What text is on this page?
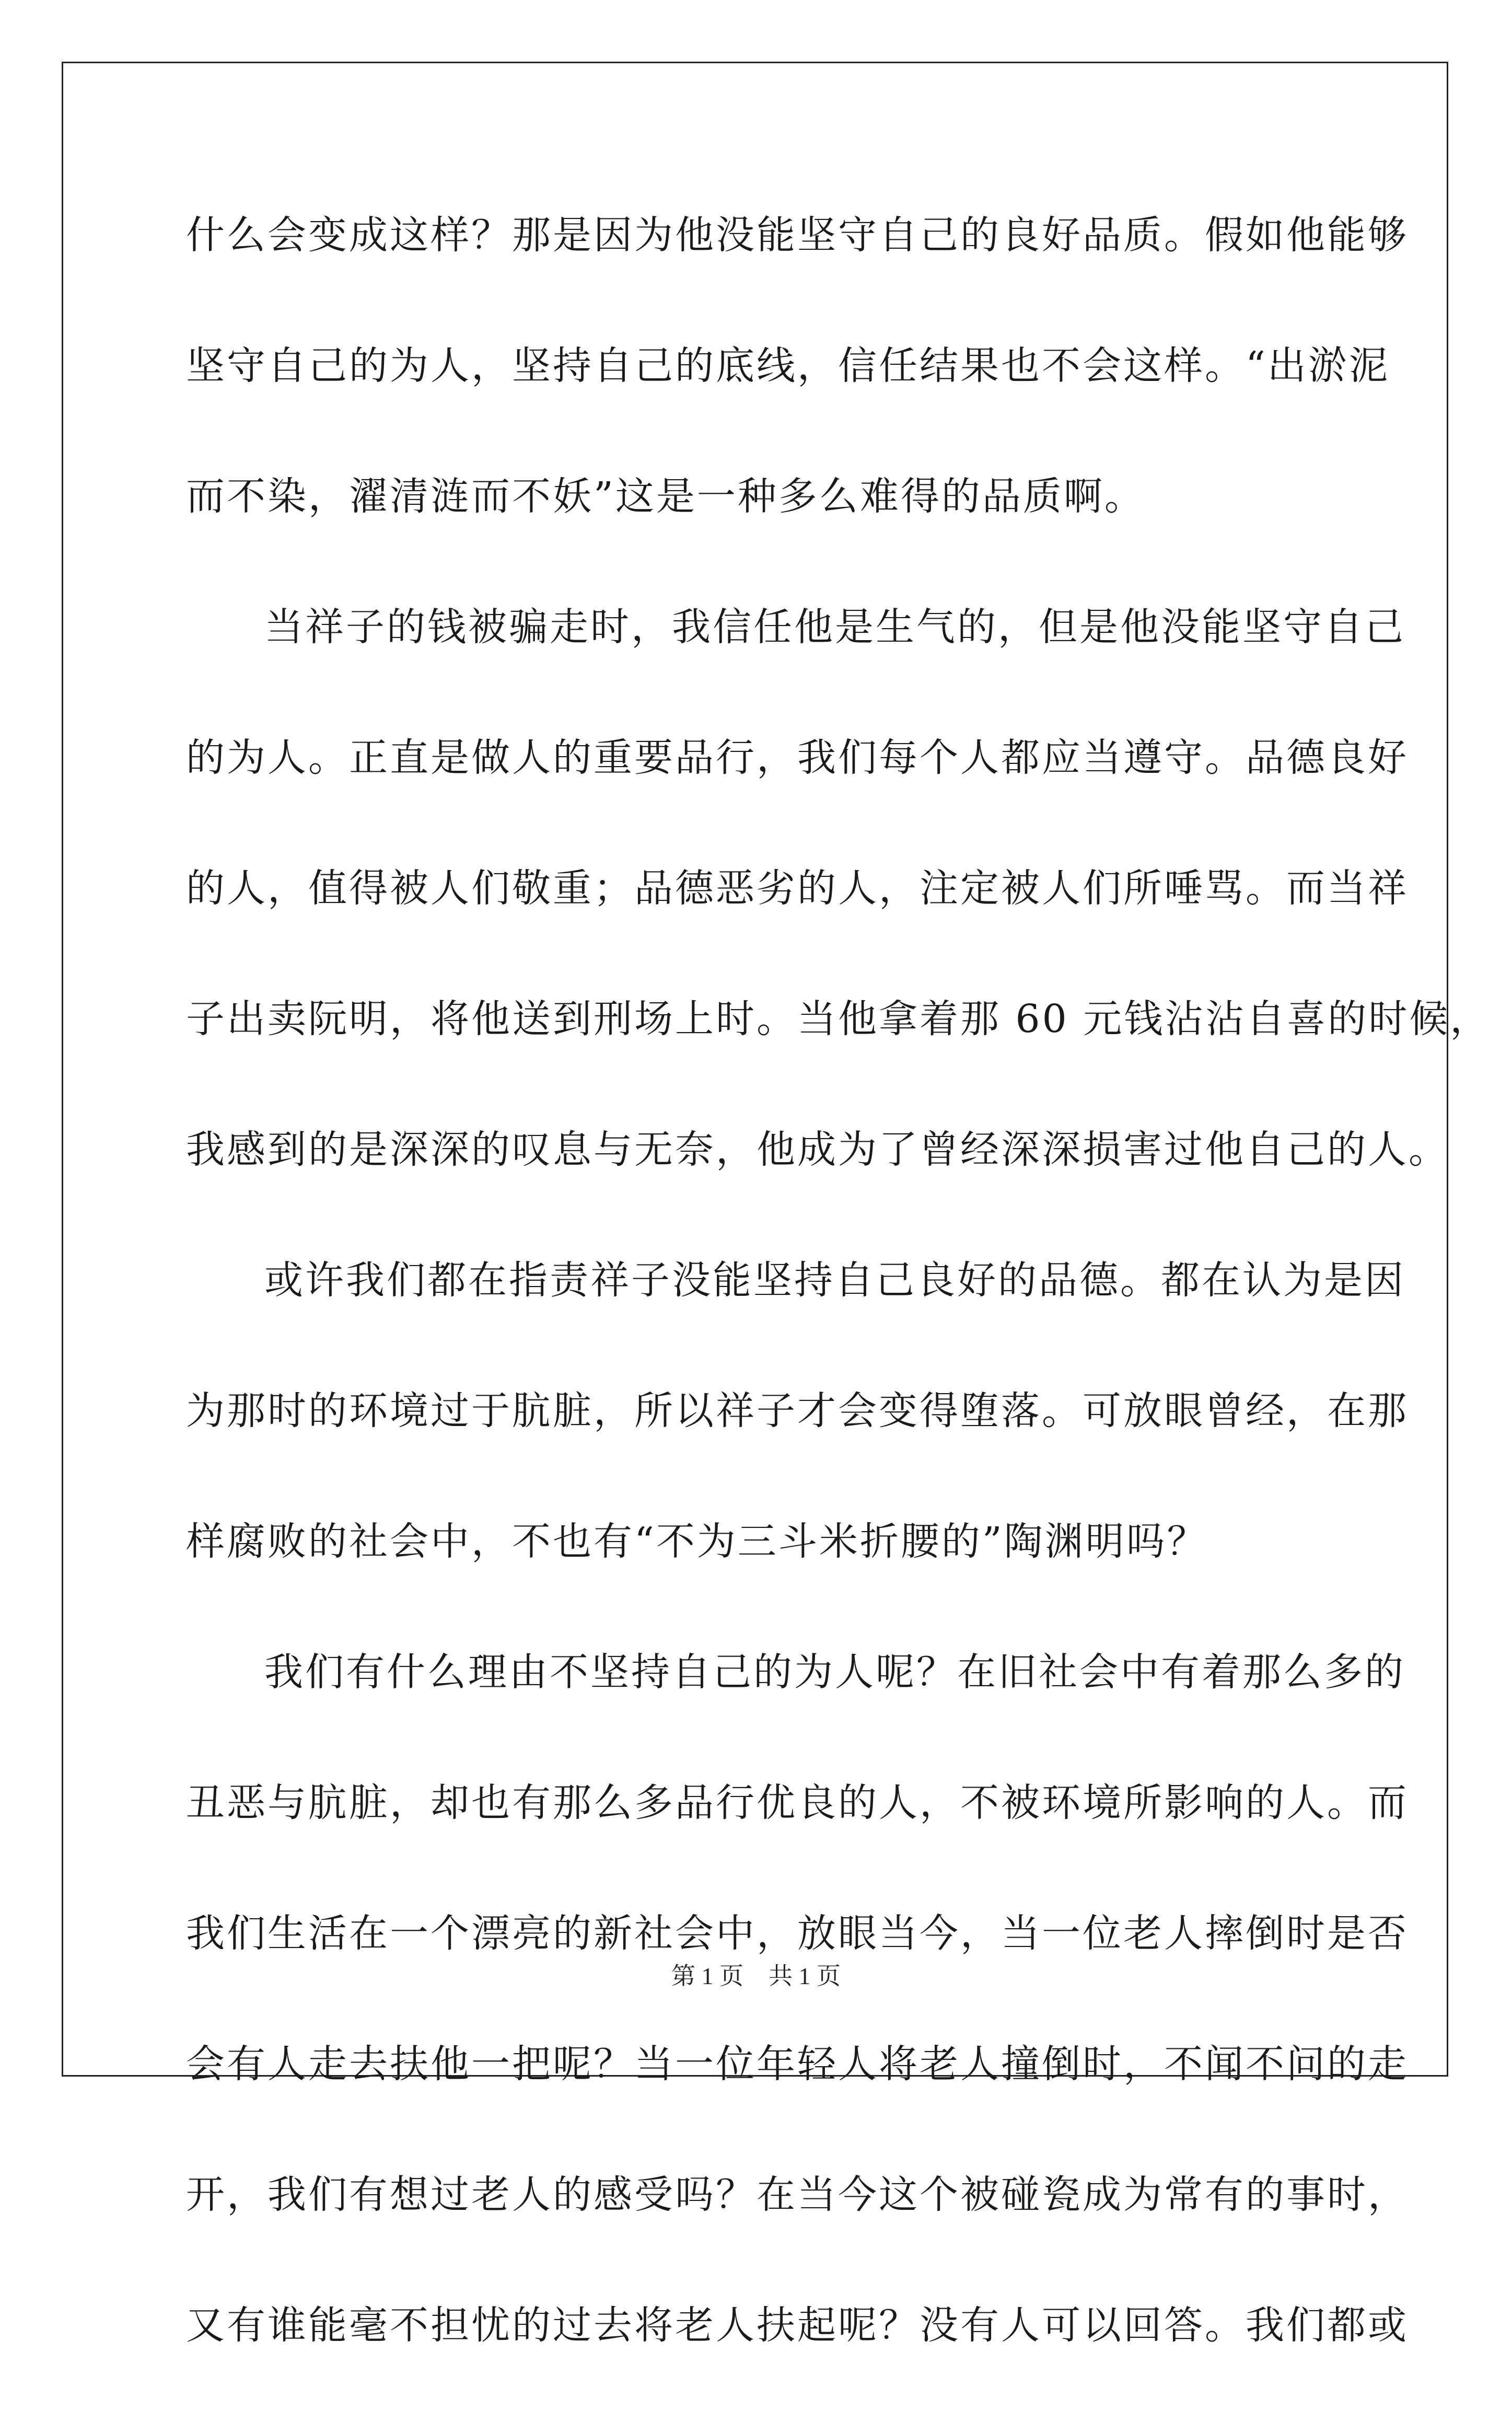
什么会变成这样？那是因为他没能坚守自己的良好品质。假如他能够
坚守自己的为人，坚持自己的底线，信任结果也不会这样。“出淤泥
而不染，濯清涟而不妖”这是一种多么难得的品质啊。
当祥子的钱被骗走时，我信任他是生气的，但是他没能坚守自己
的为人。正直是做人的重要品行，我们每个人都应当遵守。品德良好
的人，值得被人们敬重；品德恶劣的人，注定被人们所唾骂。而当祥
子出卖阮明，将他送到刑场上时。当他拿着那 60 元钱沾沾自喜的时候，
我感到的是深深的叹息与无奈，他成为了曾经深深损害过他自己的人。
或许我们都在指责祥子没能坚持自己良好的品德。都在认为是因
为那时的环境过于肮脏，所以祥子才会变得堕落。可放眼曾经，在那
样腐败的社会中，不也有“不为三斗米折腰的”陶渊明吗？
我们有什么理由不坚持自己的为人呢？在旧社会中有着那么多的
丑恶与肮脏，却也有那么多品行优良的人，不被环境所影响的人。而
我们生活在一个漂亮的新社会中，放眼当今，当一位老人摔倒时是否
会有人走去扶他一把呢？当一位年轻人将老人撞倒时，不闻不问的走
开，我们有想过老人的感受吗？在当今这个被碰瓷成为常有的事时，
又有谁能毫不担忧的过去将老人扶起呢？没有人可以回答。我们都或
第 1 页 共 1 页
